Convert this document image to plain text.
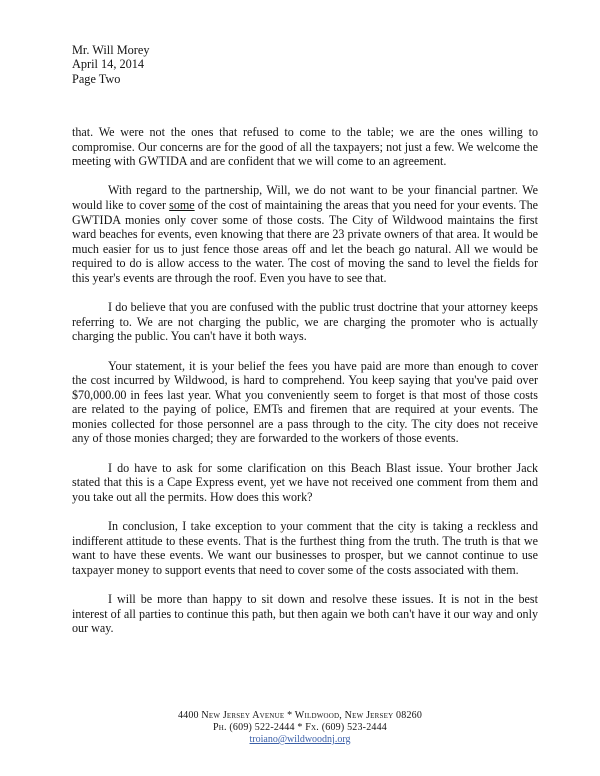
Mr. Will Morey
April 14, 2014
Page Two

that. We were not the ones that refused to come to the table; we are the ones willing to compromise. Our concerns are for the good of all the taxpayers; not just a few. We welcome the meeting with GWTIDA and are confident that we will come to an agreement.

With regard to the partnership, Will, we do not want to be your financial partner. We would like to cover some of the cost of maintaining the areas that you need for your events. The GWTIDA monies only cover some of those costs. The City of Wildwood maintains the first ward beaches for events, even knowing that there are 23 private owners of that area. It would be much easier for us to just fence those areas off and let the beach go natural. All we would be required to do is allow access to the water. The cost of moving the sand to level the fields for this year's events are through the roof. Even you have to see that.

I do believe that you are confused with the public trust doctrine that your attorney keeps referring to. We are not charging the public, we are charging the promoter who is actually charging the public. You can't have it both ways.

Your statement, it is your belief the fees you have paid are more than enough to cover the cost incurred by Wildwood, is hard to comprehend. You keep saying that you've paid over $70,000.00 in fees last year. What you conveniently seem to forget is that most of those costs are related to the paying of police, EMTs and firemen that are required at your events. The monies collected for those personnel are a pass through to the city. The city does not receive any of those monies charged; they are forwarded to the workers of those events.

I do have to ask for some clarification on this Beach Blast issue. Your brother Jack stated that this is a Cape Express event, yet we have not received one comment from them and you take out all the permits. How does this work?

In conclusion, I take exception to your comment that the city is taking a reckless and indifferent attitude to these events. That is the furthest thing from the truth. The truth is that we want to have these events. We want our businesses to prosper, but we cannot continue to use taxpayer money to support events that need to cover some of the costs associated with them.

I will be more than happy to sit down and resolve these issues. It is not in the best interest of all parties to continue this path, but then again we both can't have it our way and only our way.

4400 New Jersey Avenue * Wildwood, New Jersey 08260
Ph. (609) 522-2444 * Fx. (609) 523-2444
troiano@wildwoodnj.org
